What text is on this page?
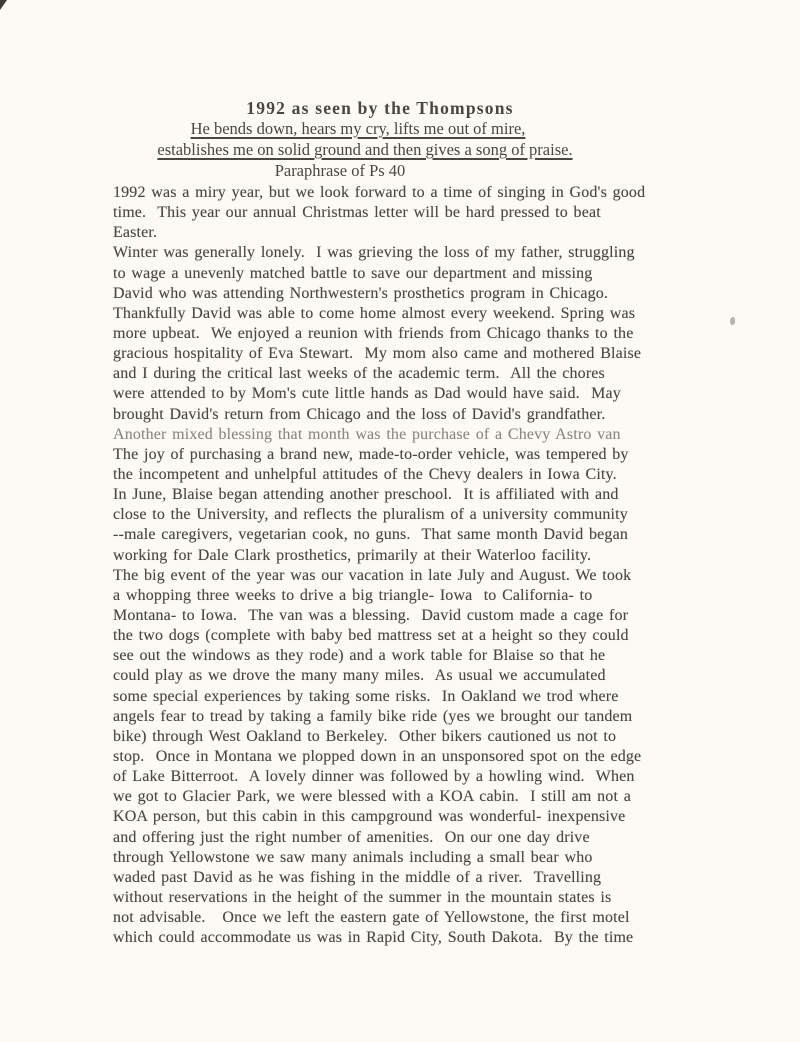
1992 as seen by the Thompsons
He bends down, hears my cry, lifts me out of mire,
establishes me on solid ground and then gives a song of praise.
Paraphrase of Ps 40
1992 was a miry year, but we look forward to a time of singing in God's good
time.  This year our annual Christmas letter will be hard pressed to beat
Easter.
Winter was generally lonely.  I was grieving the loss of my father, struggling
to wage a unevenly matched battle to save our department and missing
David who was attending Northwestern's prosthetics program in Chicago.
Thankfully David was able to come home almost every weekend. Spring was
more upbeat.  We enjoyed a reunion with friends from Chicago thanks to the
gracious hospitality of Eva Stewart.  My mom also came and mothered Blaise
and I during the critical last weeks of the academic term.  All the chores
were attended to by Mom's cute little hands as Dad would have said.  May
brought David's return from Chicago and the loss of David's grandfather.
Another mixed blessing that month was the purchase of a Chevy Astro van
The joy of purchasing a brand new, made-to-order vehicle, was tempered by
the incompetent and unhelpful attitudes of the Chevy dealers in Iowa City.
In June, Blaise began attending another preschool.  It is affiliated with and
close to the University, and reflects the pluralism of a university community
--male caregivers, vegetarian cook, no guns.  That same month David began
working for Dale Clark prosthetics, primarily at their Waterloo facility.
The big event of the year was our vacation in late July and August. We took
a whopping three weeks to drive a big triangle- Iowa  to California- to
Montana- to Iowa.  The van was a blessing.  David custom made a cage for
the two dogs (complete with baby bed mattress set at a height so they could
see out the windows as they rode) and a work table for Blaise so that he
could play as we drove the many many miles.  As usual we accumulated
some special experiences by taking some risks.  In Oakland we trod where
angels fear to tread by taking a family bike ride (yes we brought our tandem
bike) through West Oakland to Berkeley.  Other bikers cautioned us not to
stop.  Once in Montana we plopped down in an unsponsored spot on the edge
of Lake Bitterroot.  A lovely dinner was followed by a howling wind.  When
we got to Glacier Park, we were blessed with a KOA cabin.  I still am not a
KOA person, but this cabin in this campground was wonderful- inexpensive
and offering just the right number of amenities.  On our one day drive
through Yellowstone we saw many animals including a small bear who
waded past David as he was fishing in the middle of a river.  Travelling
without reservations in the height of the summer in the mountain states is
not advisable.   Once we left the eastern gate of Yellowstone, the first motel
which could accommodate us was in Rapid City, South Dakota.  By the time
